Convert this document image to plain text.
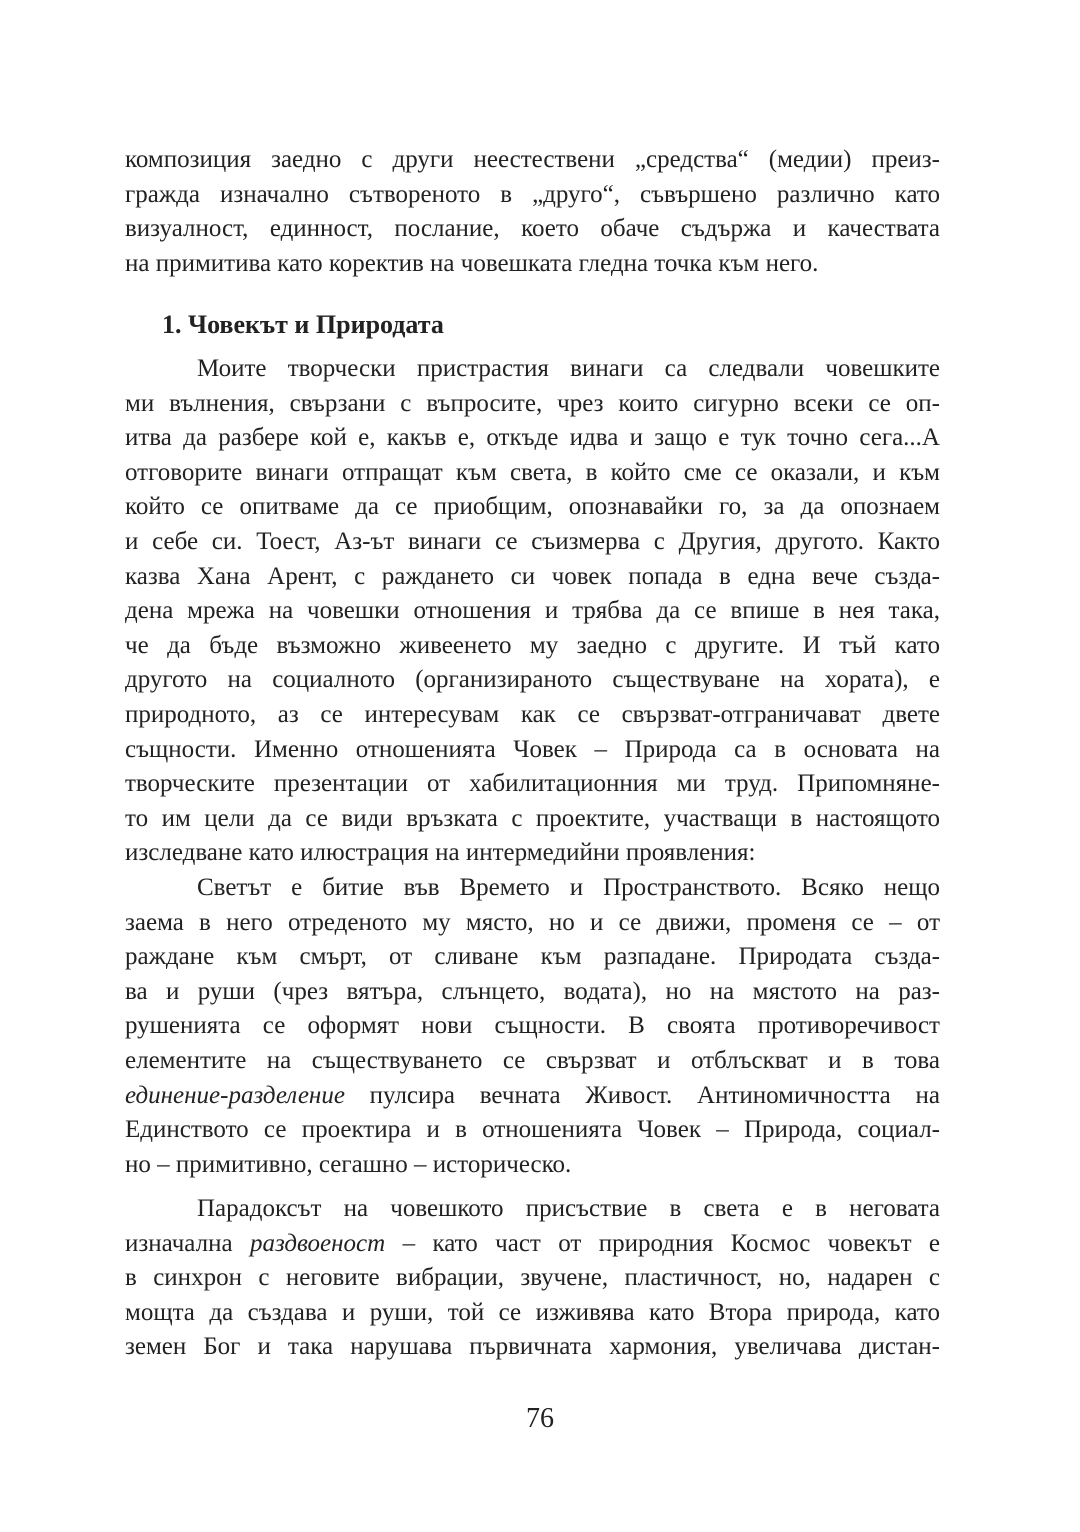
композиция заедно с други неестествени „средства“ (медии) преиз-
гражда изначално сътвореното в „друго“, съвършено различно като
визуалност, единност, послание, което обаче съдържа и качествата
на примитива като коректив на човешката гледна точка към него.
1. Човекът и Природата
Моите творчески пристрастия винаги са следвали човешките
ми вълнения, свързани с въпросите, чрез които сигурно всеки се оп-
итва да разбере кой е, какъв е, откъде идва и защо е тук точно сега...А
отговорите винаги отпращат към света, в който сме се оказали, и към
който се опитваме да се приобщим, опознавайки го, за да опознаем
и себе си. Тоест, Аз-ът винаги се съизмерва с Другия, другото. Както
казва Хана Арент, с раждането си човек попада в една вече създа-
дена мрежа на човешки отношения и трябва да се впише в нея така,
че да бъде възможно живеенето му заедно с другите. И тъй като
другото на социалното (организираното съществуване на хората), е
природното, аз се интересувам как се свързват-отграничават двете
същности. Именно отношенията Човек – Природа са в основата на
творческите презентации от хабилитационния ми труд. Припомняне-
то им цели да се види връзката с проектите, участващи в настоящото
изследване като илюстрация на интермедийни проявления:
Светът е битие във Времето и Пространството. Всяко нещо
заема в него отреденото му място, но и се движи, променя се – от
раждане към смърт, от сливане към разпадане. Природата създа-
ва и руши (чрез вятъра, слънцето, водата), но на мястото на раз-
рушенията се оформят нови същности. В своята противоречивост
елементите на съществуването се свързват и отблъскват и в това
единение-разделение пулсира вечната Живост. Антиномичността на
Единството се проектира и в отношенията Човек – Природа, социал-
но – примитивно, сегашно – историческо.
Парадоксът на човешкото присъствие в света е в неговата
изначална раздвоеност – като част от природния Космос човекът е
в синхрон с неговите вибрации, звучене, пластичност, но, надарен с
мощта да създава и руши, той се изживява като Втора природа, като
земен Бог и така нарушава първичната хармония, увеличава дистан-
76
